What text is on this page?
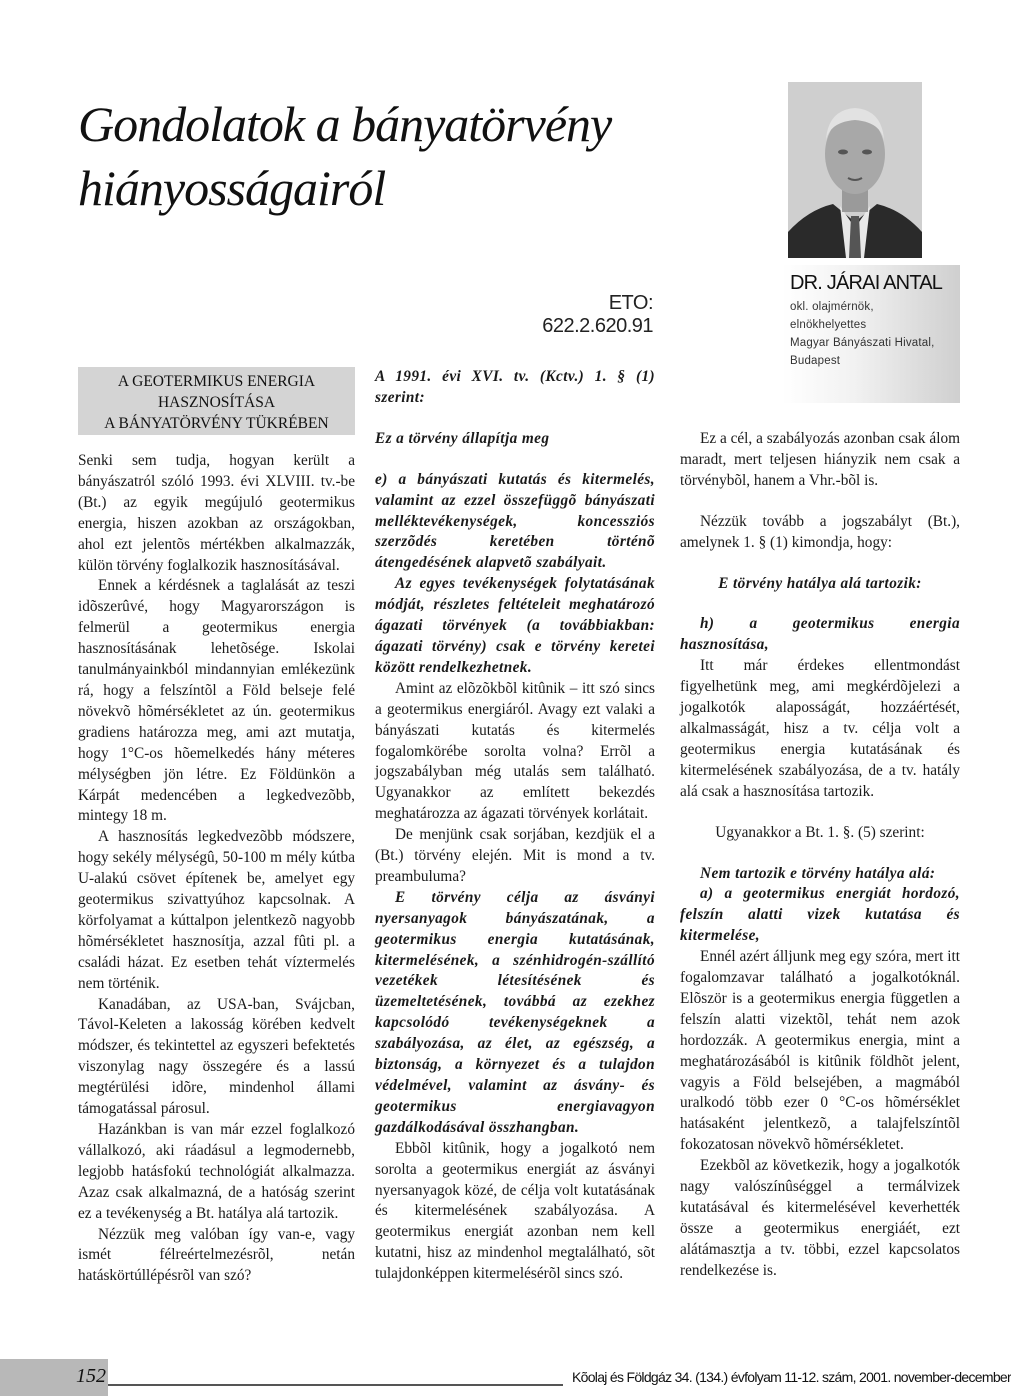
Gondolatok a bányatörvény
hiányosságairól
ETO: 622.2.620.91
DR. JÁRAI ANTAL
okl. olajmérnök,
elnökhelyettes
Magyar Bányászati Hivatal,
Budapest
A GEOTERMIKUS ENERGIA
HASZNOSÍTÁSA
A BÁNYATÖRVÉNY TÜKRÉBEN

Senki sem tudja, hogyan került a bányászatról szóló 1993. évi XLVIII. tv.-be (Bt.) az egyik megújuló geotermikus energia, hiszen azokban az országokban, ahol ezt jelentõs mértékben alkalmazzák, külön törvény foglalkozik hasznosításával.

Ennek a kérdésnek a taglalását az teszi idõszerûvé, hogy Magyarországon is felmerül a geotermikus energia hasznosításának lehetõsége. Iskolai tanulmányainkból mindannyian emlékezünk rá, hogy a felszíntõl a Föld belseje felé növekvõ hõmérsékletet az ún. geotermikus gradiens határozza meg, ami azt mutatja, hogy 1°C-os hõemelkedés hány méteres mélységben jön létre. Ez Földünkön a Kárpát medencében a legkedvezõbb, mintegy 18 m.

A hasznosítás legkedvezõbb módszere, hogy sekély mélységû, 50-100 m mély kútba U-alakú csövet építenek be, amelyet egy geotermikus szivattyúhoz kapcsolnak. A körfolyamat a kúttalpon jelentkezõ nagyobb hõmérsékletet hasznosítja, azzal fûti pl. a családi házat. Ez esetben tehát víztermelés nem történik.

Kanadában, az USA-ban, Svájcban, Távol-Keleten a lakosság körében kedvelt módszer, és tekintettel az egyszeri befektetés viszonylag nagy összegére és a lassú megtérülési idõre, mindenhol állami támogatással párosul.

Hazánkban is van már ezzel foglalkozó vállalkozó, aki ráadásul a legmodernebb, legjobb hatásfokú technológiát alkalmazza. Azaz csak alkalmazná, de a hatóság szerint ez a tevékenység a Bt. hatálya alá tartozik.

Nézzük meg valóban így van-e, vagy ismét félreértelmezésrõl, netán hatáskörtúllépésrõl van szó?

A 1991. évi XVI. tv. (Kctv.) 1. § (1) szerint:

Ez a törvény állapítja meg

e) a bányászati kutatás és kitermelés, valamint az ezzel összefüggõ bányászati melléktevékenységek, koncessziós szerzõdés keretében történõ átengedésének alapvetõ szabályait.

Az egyes tevékenységek folytatásának módját, részletes feltételeit meghatározó ágazati törvények (a továbbiakban: ágazati törvény) csak e törvény keretei között rendelkezhetnek.

Amint az elõzõkbõl kitûnik – itt szó sincs a geotermikus energiáról. Avagy ezt valaki a bányászati kutatás és kitermelés fogalomkörébe sorolta volna? Errõl a jogszabályban még utalás sem található. Ugyanakkor az említett bekezdés meghatározza az ágazati törvények korlátait.

De menjünk csak sorjában, kezdjük el a (Bt.) törvény elején. Mit is mond a tv. preambuluma?

E törvény célja az ásványi nyersanyagok bányászatának, a geotermikus energia kutatásának, kitermelésének, a szénhidrogén-szállító vezetékek létesítésének és üzemeltetésének, továbbá az ezekhez kapcsolódó tevékenységeknek a szabályozása, az élet, az egészség, a biztonság, a környezet és a tulajdon védelmével, valamint az ásvány- és geotermikus energiavagyon gazdálkodásával összhangban.

Ebbõl kitûnik, hogy a jogalkotó nem sorolta a geotermikus energiát az ásványi nyersanyagok közé, de célja volt kutatásának és kitermelésének szabályozása. A geotermikus energiát azonban nem kell kutatni, hisz az mindenhol megtalálható, sõt tulajdonképpen kitermelésérõl sincs szó.

Ez a cél, a szabályozás azonban csak álom maradt, mert teljesen hiányzik nem csak a törvénybõl, hanem a Vhr.-bõl is.

Nézzük tovább a jogszabályt (Bt.), amelynek 1. § (1) kimondja, hogy:

E törvény hatálya alá tartozik:

h) a geotermikus energia hasznosítása,

Itt már érdekes ellentmondást figyelhetünk meg, ami megkérdõjelezi a jogalkotók alaposságát, hozzáértését, alkalmasságát, hisz a tv. célja volt a geotermikus energia kutatásának és kitermelésének szabályozása, de a tv. hatály alá csak a hasznosítása tartozik.

Ugyanakkor a Bt. 1. §. (5) szerint:

Nem tartozik e törvény hatálya alá:

a) a geotermikus energiát hordozó, felszín alatti vizek kutatása és kitermelése,

Ennél azért álljunk meg egy szóra, mert itt fogalomzavar található a jogalkotóknál. Elõször is a geotermikus energia független a felszín alatti vizektõl, tehát nem azok hordozzák. A geotermikus energia, mint a meghatározásából is kitûnik földhõt jelent, vagyis a Föld belsejében, a magmából uralkodó több ezer 0 °C-os hõmérséklet hatásaként jelentkezõ, a talajfelszíntõl fokozatosan növekvõ hõmérsékletet.

Ezekbõl az következik, hogy a jogalkotók nagy valószínûséggel a termálvizek kutatásával és kitermelésével keverhették össze a geotermikus energiáét, ezt alátámasztja a tv. többi, ezzel kapcsolatos rendelkezése is.

152	Kõolaj és Földgáz 34. (134.) évfolyam 11-12. szám, 2001. november-december
